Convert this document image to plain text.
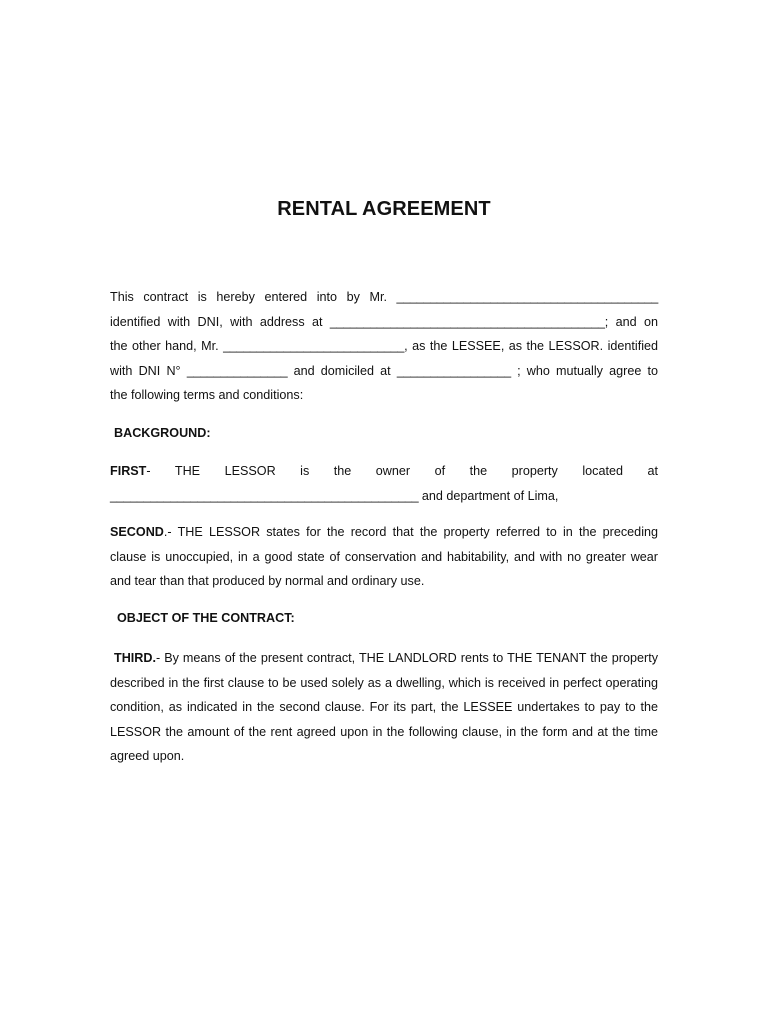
RENTAL AGREEMENT
This contract is hereby entered into by Mr. _______________________________________
identified with DNI, with address at _________________________________________; and on
the other hand, Mr. ___________________________, as the LESSEE, as the LESSOR. identified
with DNI N° _______________ and domiciled at _________________ ; who mutually agree to
the following terms and conditions:
BACKGROUND:
FIRST- THE LESSOR is the owner of the property located at
______________________________________________ and department of Lima,

SECOND.- THE LESSOR states for the record that the property referred to in the preceding clause is unoccupied, in a good state of conservation and habitability, and with no greater wear and tear than that produced by normal and ordinary use.

OBJECT OF THE CONTRACT:

THIRD.- By means of the present contract, THE LANDLORD rents to THE TENANT the property described in the first clause to be used solely as a dwelling, which is received in perfect operating condition, as indicated in the second clause. For its part, the LESSEE undertakes to pay to the LESSOR the amount of the rent agreed upon in the following clause, in the form and at the time agreed upon.
